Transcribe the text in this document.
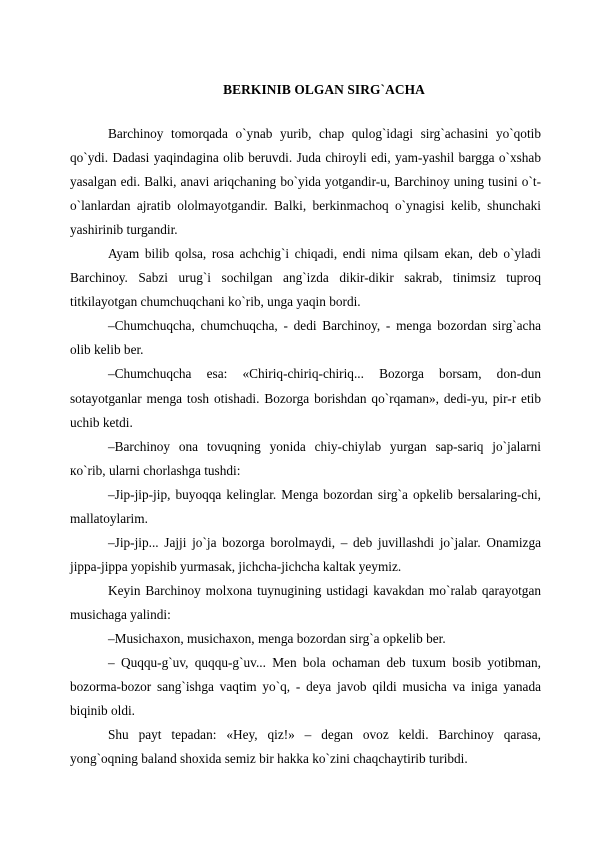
BERKINIB OLGAN SIRG`ACHA

Barchinoy tomorqada o`ynab yurib, chap qulog`idagi sirg`achasini yo`qotib qo`ydi. Dadasi yaqindagina olib beruvdi. Juda chiroyli edi, yam-yashil bargga o`xshab yasalgan edi. Balki, anavi ariqchaning bo`yida yotgandir-u, Barchinoy uning tusini o`t-o`lanlardan ajratib ololmayotgandir. Balki, berkinmachoq o`ynagisi kelib, shunchaki yashirinib turgandir.

Ayam bilib qolsa, rosa achchig`i chiqadi, endi nima qilsam ekan, deb o`yladi Barchinoy. Sabzi urug`i sochilgan ang`izda dikir-dikir sakrab, tinimsiz tuproq titkilayotgan chumchuqchani ko`rib, unga yaqin bordi.

–Chumchuqcha, chumchuqcha, - dedi Barchinoy, - menga bozordan sirg`acha olib kelib ber.

–Chumchuqcha esa: «Chiriq-chiriq-chiriq... Bozorga borsam, don-dun sotayotganlar menga tosh otishadi. Bozorga borishdan qo`rqaman», dedi-yu, pir-r etib uchib ketdi.

–Barchinoy ona tovuqning yonida chiy-chiylab yurgan sap-sariq jo`jalarni кo`rib, ularni chorlashga tushdi:

–Jip-jip-jip, buyoqqa kelinglar. Menga bozordan sirg`a opkelib bersalaring-chi, mallatoylarim.

–Jip-jip... Jajji jo`ja bozorga borolmaydi, – deb juvillashdi jo`jalar. Onamizga jippa-jippa yopishib yurmasak, jichcha-jichcha kaltak yeymiz.

Keyin Barchinoy molxona tuynugining ustidagi kavakdan mo`ralab qarayotgan musichaga yalindi:

–Musichaxon, musichaxon, menga bozordan sirg`a opkelib ber.

– Quqqu-g`uv, quqqu-g`uv... Men bola ochaman deb tuxum bosib yotibman, bozorma-bozor sang`ishga vaqtim yo`q, - deya javob qildi musicha va iniga yanada biqinib oldi.

Shu payt tepadan: «Hey, qiz!» – degan ovoz keldi. Barchinoy qarasa, yong`oqning baland shoxida semiz bir hakka ko`zini chaqchaytirib turibdi.
